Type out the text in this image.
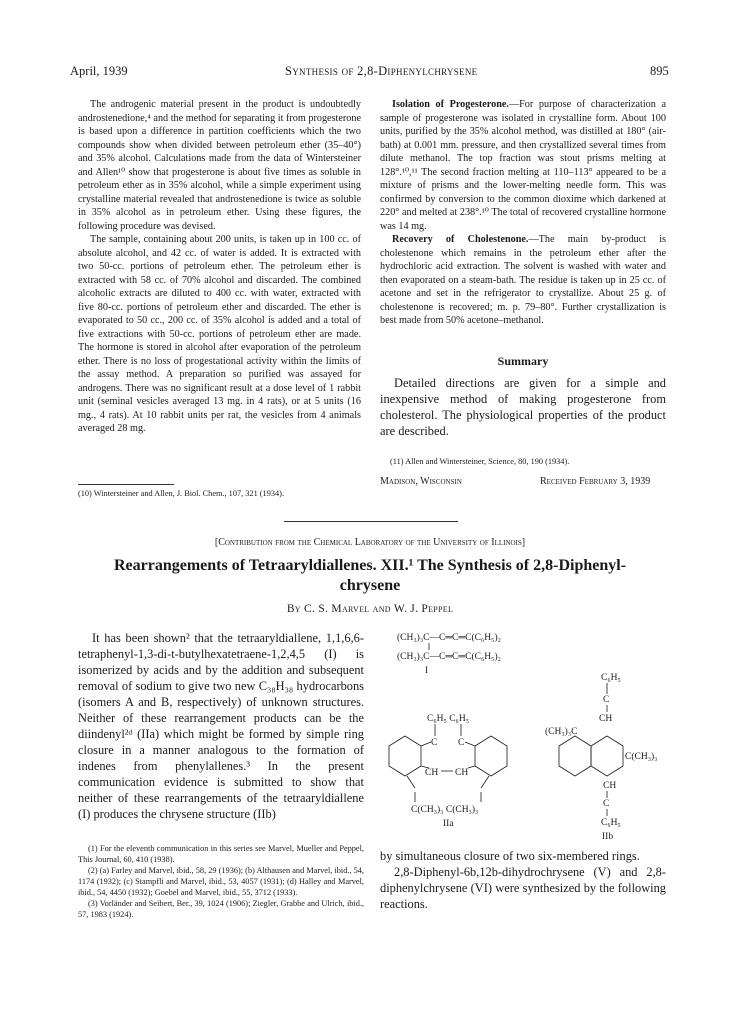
April, 1939	Synthesis of 2,8-Diphenylchrysene	895

The androgenic material present in the product is undoubtedly androstenedione,⁴ and the method for separating it from progesterone is based upon a difference in partition coefficients which the two compounds show when divided between petroleum ether (35–40°) and 35% alcohol. Calculations made from the data of Wintersteiner and Allen¹⁰ show that progesterone is about five times as soluble in petroleum ether as in 35% alcohol, while a simple experiment using crystalline material revealed that androstenedione is twice as soluble in 35% alcohol as in petroleum ether. Using these figures, the following procedure was devised.

The sample, containing about 200 units, is taken up in 100 cc. of absolute alcohol, and 42 cc. of water is added. It is extracted with two 50-cc. portions of petroleum ether. The petroleum ether is extracted with 58 cc. of 70% alcohol and discarded. The combined alcoholic extracts are diluted to 400 cc. with water, extracted with five 80-cc. portions of petroleum ether and discarded. The ether is evaporated to 50 cc., 200 cc. of 35% alcohol is added and a total of five extractions with 50-cc. portions of petroleum ether are made. The hormone is stored in alcohol after evaporation of the petroleum ether. There is no loss of progestational activity within the limits of the assay method. A preparation so purified was assayed for androgens. There was no significant result at a dose level of 1 rabbit unit (seminal vesicles averaged 13 mg. in 4 rats), or at 5 units (16 mg., 4 rats). At 10 rabbit units per rat, the vesicles from 4 animals averaged 28 mg.

(10) Wintersteiner and Allen, J. Biol. Chem., 107, 321 (1934).

Isolation of Progesterone.—For purpose of characterization a sample of progesterone was isolated in crystalline form. About 100 units, purified by the 35% alcohol method, was distilled at 180° (air-bath) at 0.001 mm. pressure, and then crystallized several times from dilute methanol. The top fraction was stout prisms melting at 128°.¹⁰,¹¹ The second fraction melting at 110–113° appeared to be a mixture of prisms and the lower-melting needle form. This was confirmed by conversion to the common dioxime which darkened at 220° and melted at 238°.¹⁰ The total of recovered crystalline hormone was 14 mg.

Recovery of Cholestenone.—The main by-product is cholestenone which remains in the petroleum ether after the hydrochloric acid extraction. The solvent is washed with water and then evaporated on a steam-bath. The residue is taken up in 25 cc. of acetone and set in the refrigerator to crystallize. About 25 g. of cholestenone is recovered; m. p. 79–80°. Further crystallization is best made from 50% acetone–methanol.

Summary

Detailed directions are given for a simple and inexpensive method of making progesterone from cholesterol. The physiological properties of the product are described.

(11) Allen and Wintersteiner, Science, 80, 190 (1934).
Madison, Wisconsin	Received February 3, 1939
[Contribution from the Chemical Laboratory of the University of Illinois]
Rearrangements of Tetraaryldiallenes. XII.¹ The Synthesis of 2,8-Diphenyl-
chrysene
By C. S. Marvel and W. J. Peppel

It has been shown² that the tetraaryldiallene, 1,1,6,6-tetraphenyl-1,3-di-t-butylhexatetraene-1,2,4,5 (I) is isomerized by acids and by the addition and subsequent removal of sodium to give two new C₃₈H₃₈ hydrocarbons (isomers A and B, respectively) of unknown structures. Neither of these rearrangement products can be the diindenyl²ᵈ (IIa) which might be formed by simple ring closure in a manner analogous to the formation of indenes from phenylallenes.³ In the present communication evidence is submitted to show that neither of these rearrangements of the tetraaryldiallene (I) produces the chrysene structure (IIb)

(1) For the eleventh communication in this series see Marvel, Mueller and Peppel, This Journal, 60, 410 (1938).

(2) (a) Farley and Marvel, ibid., 58, 29 (1936); (b) Althausen and Marvel, ibid., 54, 1174 (1932); (c) Stampfli and Marvel, ibid., 53, 4057 (1931); (d) Halley and Marvel, ibid., 54, 4450 (1932); Goebel and Marvel, ibid., 55, 3712 (1933).

(3) Vorländer and Seibert, Ber., 39, 1024 (1906); Ziegler, Grabbe and Ulrich, ibid., 57, 1983 (1924).

(CH₃)₃C—C═C═C(C₆H₅)₂
(CH₃)₃C—C═C═C(C₆H₅)₂
I
C₆H₅ C₆H₅
C C
CH CH
C(CH₃)₃ C(CH₃)₃
IIa
C₆H₅
C
CH
(CH₃)₃C
C(CH₃)₃
CH
C
C₆H₅
IIb

by simultaneous closure of two six-membered rings.

2,8-Diphenyl-6b,12b-dihydrochrysene (V) and 2,8-diphenylchrysene (VI) were synthesized by the following reactions.
